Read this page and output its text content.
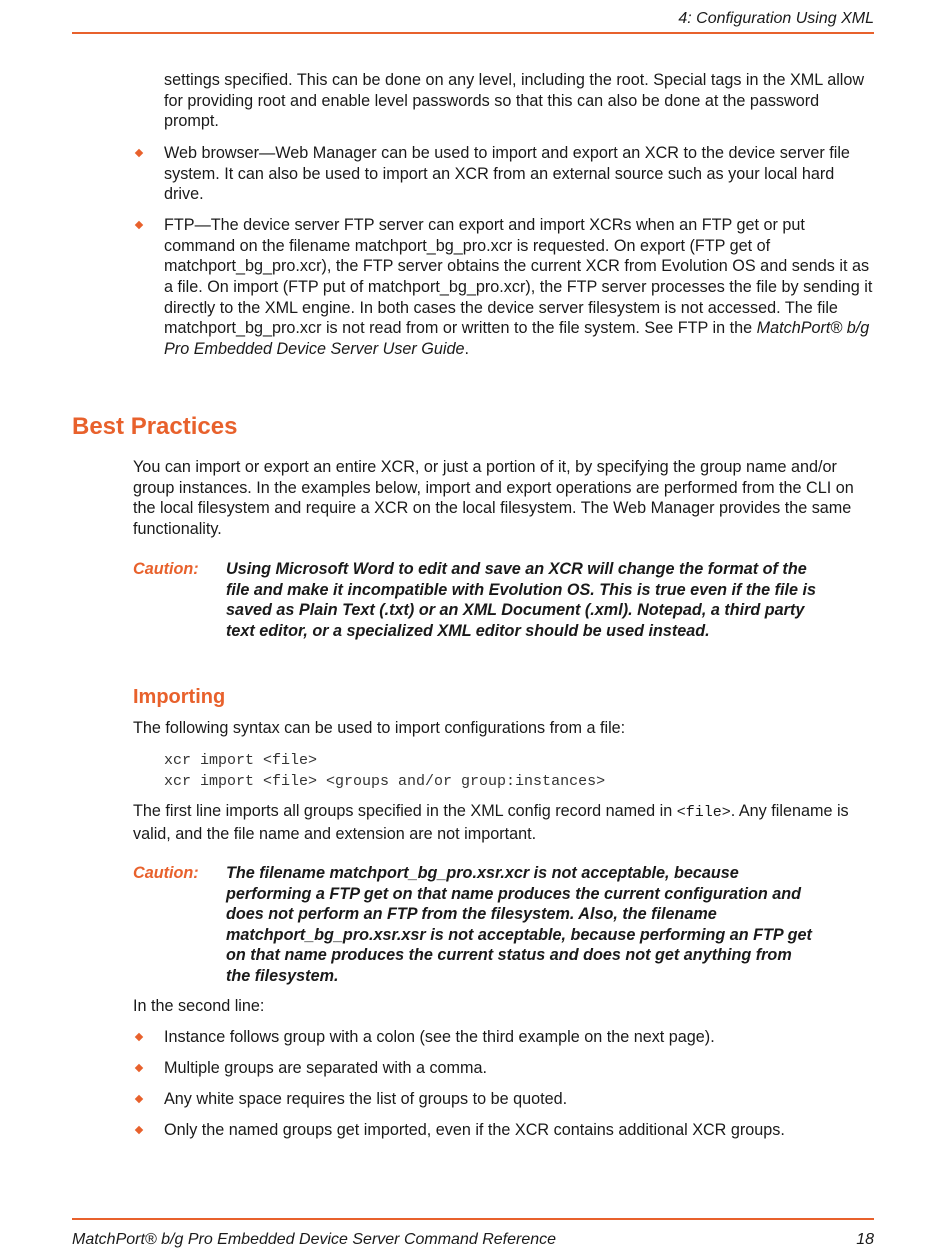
4: Configuration Using XML

settings specified. This can be done on any level, including the root. Special tags in the XML allow for providing root and enable level passwords so that this can also be done at the password prompt.

Web browser—Web Manager can be used to import and export an XCR to the device server file system. It can also be used to import an XCR from an external source such as your local hard drive.
FTP—The device server FTP server can export and import XCRs when an FTP get or put command on the filename matchport_bg_pro.xcr is requested. On export (FTP get of matchport_bg_pro.xcr), the FTP server obtains the current XCR from Evolution OS and sends it as a file. On import (FTP put of matchport_bg_pro.xcr), the FTP server processes the file by sending it directly to the XML engine. In both cases the device server filesystem is not accessed. The file matchport_bg_pro.xcr is not read from or written to the file system. See FTP in the MatchPort® b/g Pro Embedded Device Server User Guide.
Best Practices

You can import or export an entire XCR, or just a portion of it, by specifying the group name and/or group instances. In the examples below, import and export operations are performed from the CLI on the local filesystem and require a XCR on the local filesystem. The Web Manager provides the same functionality.

Caution: Using Microsoft Word to edit and save an XCR will change the format of the file and make it incompatible with Evolution OS. This is true even if the file is saved as Plain Text (.txt) or an XML Document (.xml). Notepad, a third party text editor, or a specialized XML editor should be used instead.
Importing

The following syntax can be used to import configurations from a file:

xcr import <file>
xcr import <file> <groups and/or group:instances>

The first line imports all groups specified in the XML config record named in <file>. Any filename is valid, and the file name and extension are not important.

Caution: The filename matchport_bg_pro.xsr.xcr is not acceptable, because performing a FTP get on that name produces the current configuration and does not perform an FTP from the filesystem. Also, the filename matchport_bg_pro.xsr.xsr is not acceptable, because performing an FTP get on that name produces the current status and does not get anything from the filesystem.

In the second line:

Instance follows group with a colon (see the third example on the next page).
Multiple groups are separated with a comma.
Any white space requires the list of groups to be quoted.
Only the named groups get imported, even if the XCR contains additional XCR groups.
MatchPort® b/g Pro Embedded Device Server Command Reference	18
